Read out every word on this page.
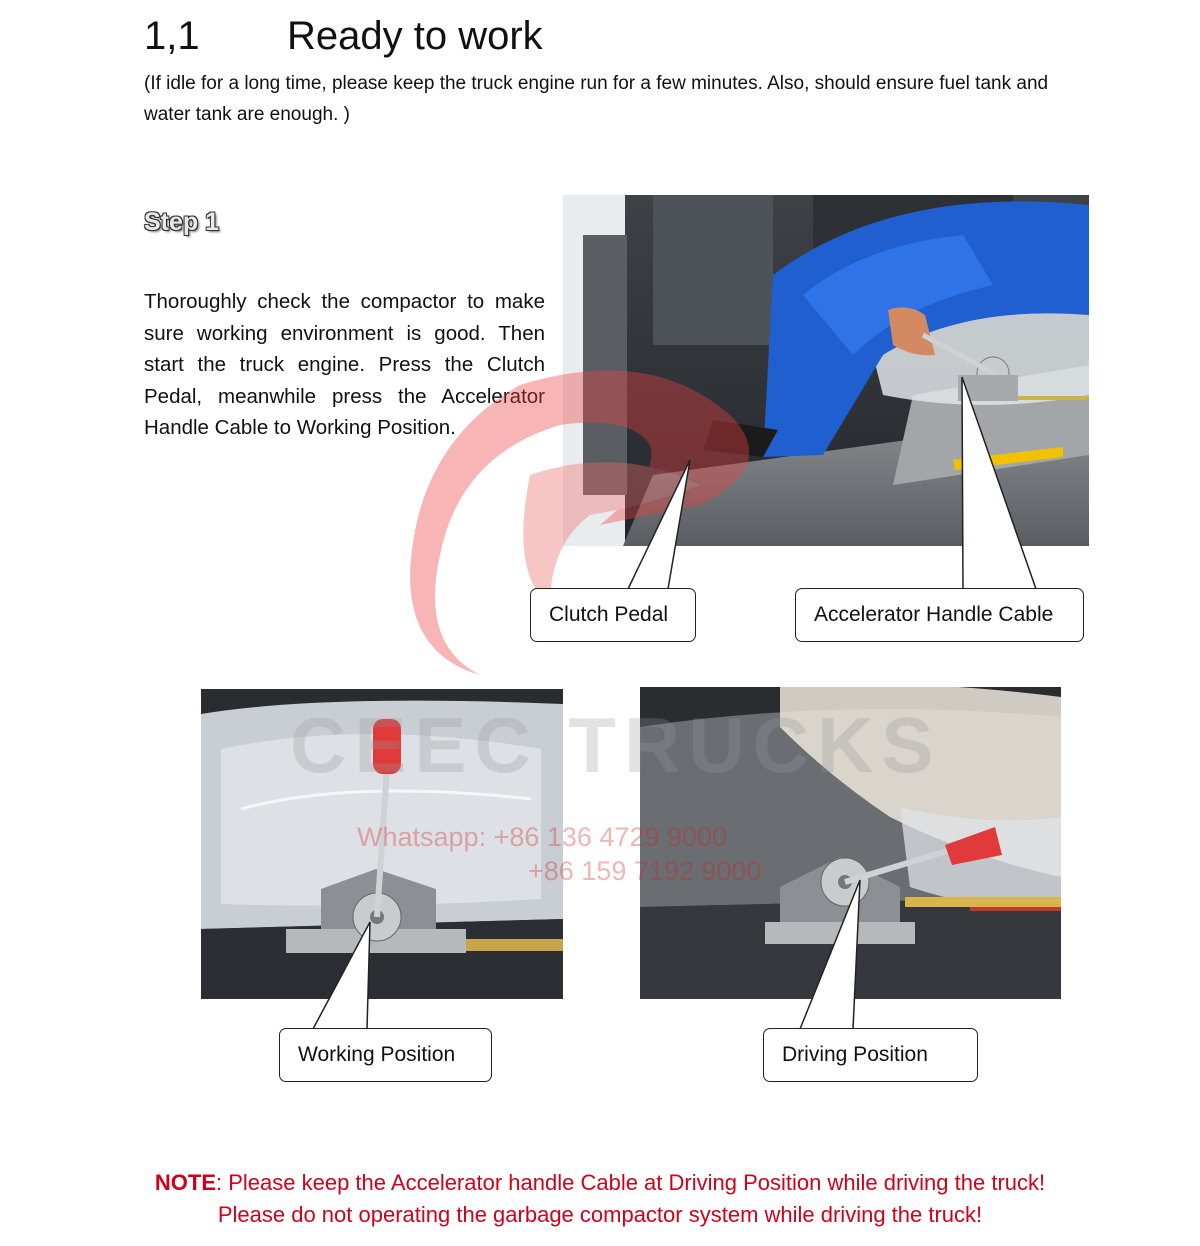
1,1 Ready to work
(If idle for a long time, please keep the truck engine run for a few minutes. Also, should ensure fuel tank and water tank are enough. )
Step 1
Thoroughly check the compactor to make sure working environment is good. Then start the truck engine. Press the Clutch Pedal, meanwhile press the Accelerator Handle Cable to Working Position.
CEEC TRUCKS
Whatsapp: +86 136 4729 9000
+86 159 7192 9000
Clutch Pedal	Accelerator Handle Cable
Working Position	Driving Position
NOTE: Please keep the Accelerator handle Cable at Driving Position while driving the truck!
Please do not operating the garbage compactor system while driving the truck!
